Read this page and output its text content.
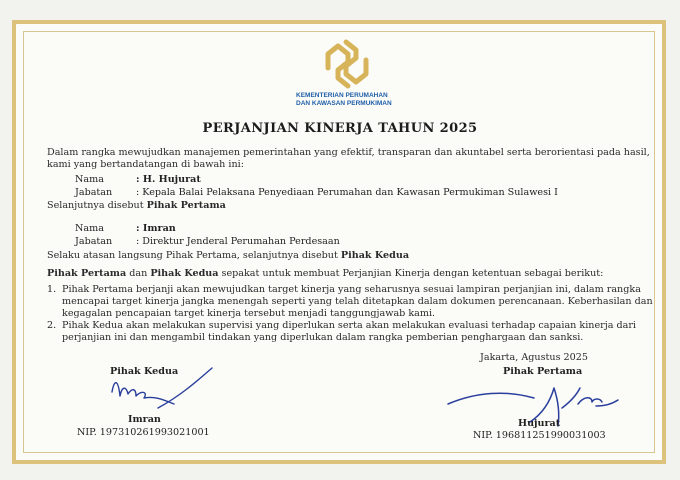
KEMENTERIAN PERUMAHAN
DAN KAWASAN PERMUKIMAN
PERJANJIAN KINERJA TAHUN 2025
Dalam rangka mewujudkan manajemen pemerintahan yang efektif, transparan dan akuntabel serta berorientasi pada hasil,
kami yang bertandatangan di bawah ini:
Nama	: H. Hujurat
Jabatan : Kepala Balai Pelaksana Penyediaan Perumahan dan Kawasan Permukiman Sulawesi I
Selanjutnya disebut Pihak Pertama
Nama	: Imran
Jabatan : Direktur Jenderal Perumahan Perdesaan
Selaku atasan langsung Pihak Pertama, selanjutnya disebut Pihak Kedua
Pihak Pertama dan Pihak Kedua sepakat untuk membuat Perjanjian Kinerja dengan ketentuan sebagai berikut:
1. Pihak Pertama berjanji akan mewujudkan target kinerja yang seharusnya sesuai lampiran perjanjian ini, dalam rangka
mencapai target kinerja jangka menengah seperti yang telah ditetapkan dalam dokumen perencanaan. Keberhasilan dan
kegagalan pencapaian target kinerja tersebut menjadi tanggungjawab kami.
2. Pihak Kedua akan melakukan supervisi yang diperlukan serta akan melakukan evaluasi terhadap capaian kinerja dari
perjanjian ini dan mengambil tindakan yang diperlukan dalam rangka pemberian penghargaan dan sanksi.
Jakarta, Agustus 2025
Pihak Kedua
Imran
NIP. 197310261993021001
Pihak Pertama
Hujurat
NIP. 196811251990031003
